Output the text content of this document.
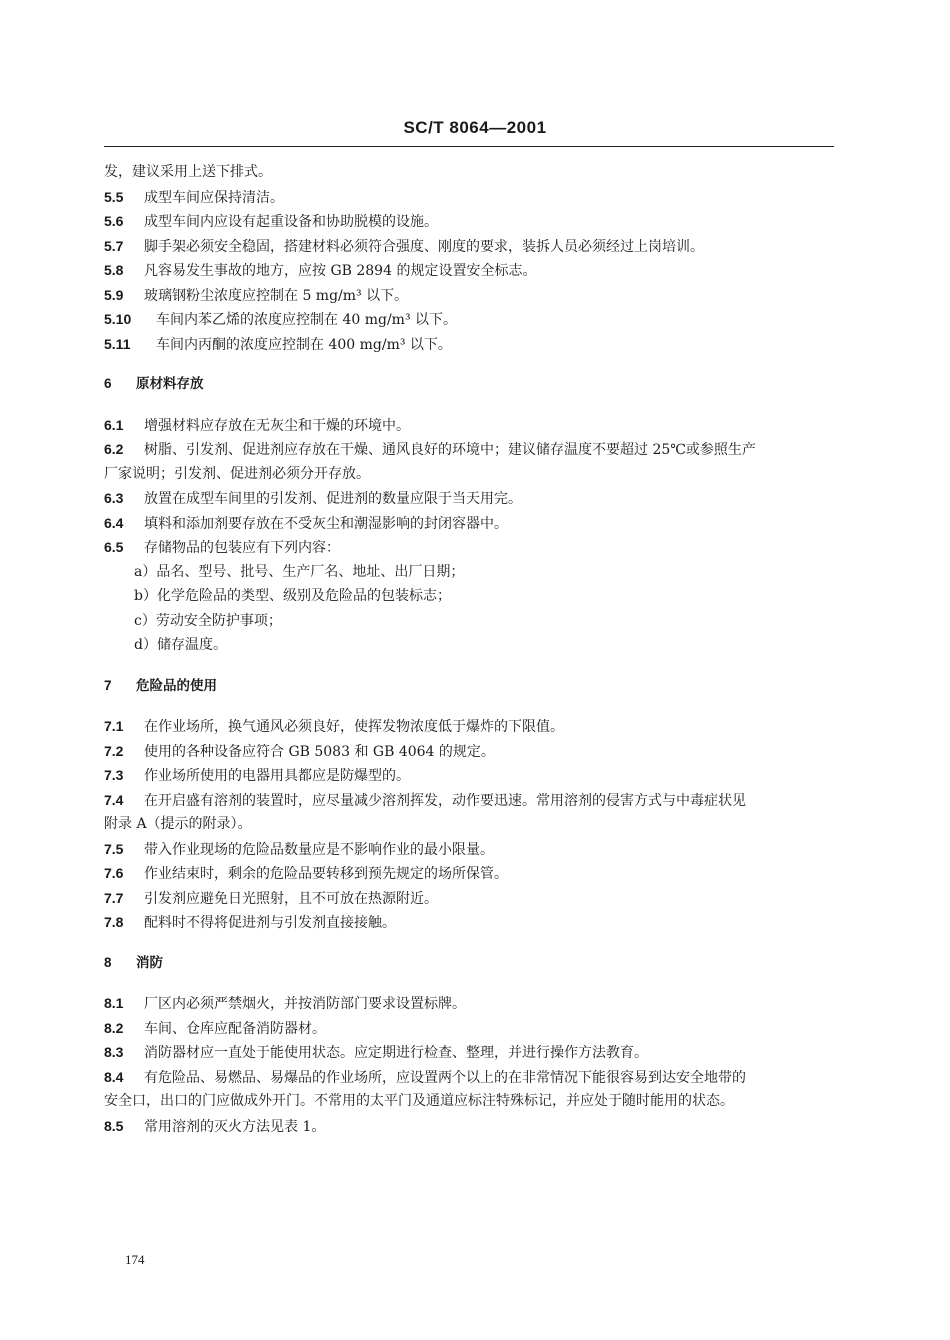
SC/T 8064—2001
发，建议采用上送下排式。
5.5 成型车间应保持清洁。
5.6 成型车间内应设有起重设备和协助脱模的设施。
5.7 脚手架必须安全稳固，搭建材料必须符合强度、刚度的要求，装拆人员必须经过上岗培训。
5.8 凡容易发生事故的地方，应按 GB 2894 的规定设置安全标志。
5.9 玻璃钢粉尘浓度应控制在 5 mg/m³ 以下。
5.10 车间内苯乙烯的浓度应控制在 40 mg/m³ 以下。
5.11 车间内丙酮的浓度应控制在 400 mg/m³ 以下。
6 原材料存放
6.1 增强材料应存放在无灰尘和干燥的环境中。
6.2 树脂、引发剂、促进剂应存放在干燥、通风良好的环境中；建议储存温度不要超过 25℃或参照生产
厂家说明；引发剂、促进剂必须分开存放。
6.3 放置在成型车间里的引发剂、促进剂的数量应限于当天用完。
6.4 填料和添加剂要存放在不受灰尘和潮湿影响的封闭容器中。
6.5 存储物品的包装应有下列内容：
a）品名、型号、批号、生产厂名、地址、出厂日期；
b）化学危险品的类型、级别及危险品的包装标志；
c）劳动安全防护事项；
d）储存温度。
7 危险品的使用
7.1 在作业场所，换气通风必须良好，使挥发物浓度低于爆炸的下限值。
7.2 使用的各种设备应符合 GB 5083 和 GB 4064 的规定。
7.3 作业场所使用的电器用具都应是防爆型的。
7.4 在开启盛有溶剂的装置时，应尽量减少溶剂挥发，动作要迅速。常用溶剂的侵害方式与中毒症状见
附录 A（提示的附录）。
7.5 带入作业现场的危险品数量应是不影响作业的最小限量。
7.6 作业结束时，剩余的危险品要转移到预先规定的场所保管。
7.7 引发剂应避免日光照射，且不可放在热源附近。
7.8 配料时不得将促进剂与引发剂直接接触。
8 消防
8.1 厂区内必须严禁烟火，并按消防部门要求设置标牌。
8.2 车间、仓库应配备消防器材。
8.3 消防器材应一直处于能使用状态。应定期进行检查、整理，并进行操作方法教育。
8.4 有危险品、易燃品、易爆品的作业场所，应设置两个以上的在非常情况下能很容易到达安全地带的
安全口，出口的门应做成外开门。不常用的太平门及通道应标注特殊标记，并应处于随时能用的状态。
8.5 常用溶剂的灭火方法见表 1。
174
